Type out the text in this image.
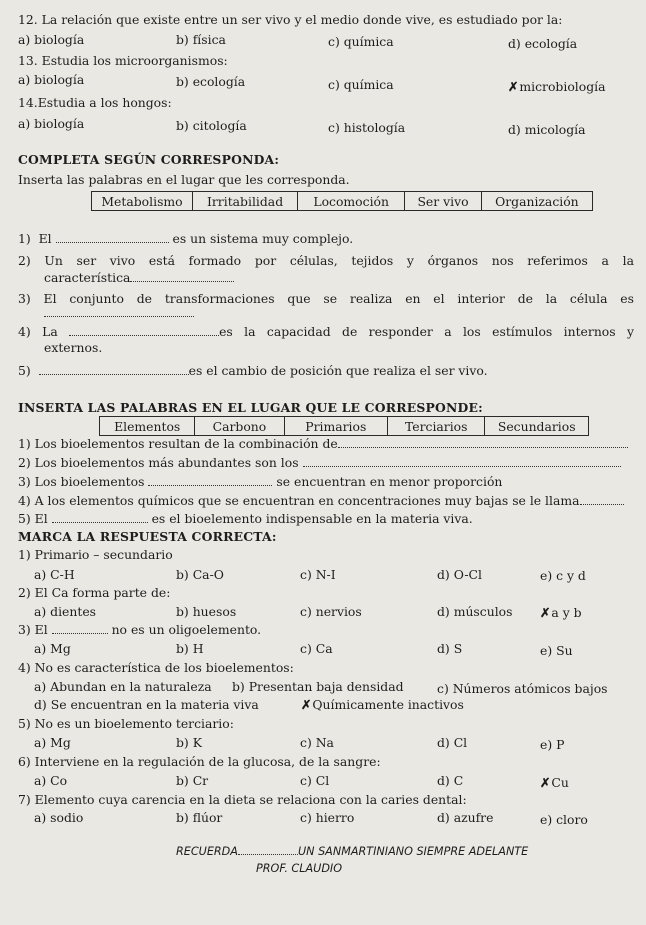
12. La relación que existe entre un ser vivo y el medio donde vive, es estudiado por la:
a) biología	b) física	c) química	d) ecología
13. Estudia los microorganismos:
a) biología	b) ecología	c) química	✗microbiología
14.Estudia a los hongos:
a) biología	b) citología	c) histología	d) micología
COMPLETA SEGÚN CORRESPONDA:
Inserta las palabras en el lugar que les corresponda.
Metabolismo	Irritabilidad	Locomoción	Ser vivo	Organización
1) El	es un sistema muy complejo.
2) Un ser vivo está formado por células, tejidos y órganos nos referimos a la
característica
3) El conjunto de transformaciones que se realiza en el interior de la célula es
4) La	es la capacidad de responder a los estímulos internos y
externos.
5)	es el cambio de posición que realiza el ser vivo.
INSERTA LAS PALABRAS EN EL LUGAR QUE LE CORRESPONDE:
Elementos	Carbono	Primarios	Terciarios	Secundarios
1) Los bioelementos resultan de la combinación de
2) Los bioelementos más abundantes son los
3) Los bioelementos	se encuentran en menor proporción
4) A los elementos químicos que se encuentran en concentraciones muy bajas se le llama
5) El	es el bioelemento indispensable en la materia viva.
MARCA LA RESPUESTA CORRECTA:
1) Primario – secundario
a) C-H	b) Ca-O	c) N-I	d) O-Cl	e) c y d
2) El Ca forma parte de:
a) dientes	b) huesos	c) nervios	d) músculos ✗a y b
3) El	no es un oligoelemento.
a) Mg	b) H	c) Ca	d) S	e) Su
4) No es característica de los bioelementos:
a) Abundan en la naturaleza b) Presentan baja densidad	c) Números atómicos bajos
d) Se encuentran en la materia viva	✗Químicamente inactivos
5) No es un bioelemento terciario:
a) Mg	b) K	c) Na	d) Cl	e) P
6) Interviene en la regulación de la glucosa, de la sangre:
a) Co	b) Cr	c) Cl	d) C	✗Cu
7) Elemento cuya carencia en la dieta se relaciona con la caries dental:
a) sodio	b) flúor	c) hierro	d) azufre	e) cloro
RECUERDA	UN SANMARTINIANO SIEMPRE ADELANTE
PROF. CLAUDIO
